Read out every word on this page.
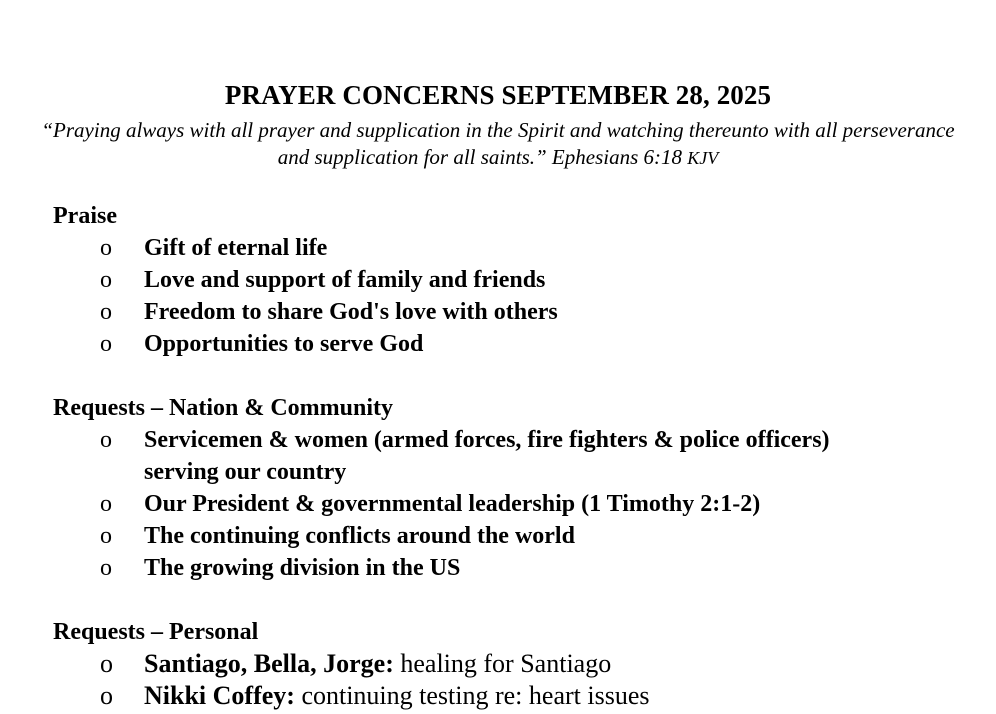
PRAYER CONCERNS SEPTEMBER 28, 2025
“Praying always with all prayer and supplication in the Spirit and watching thereunto with all perseverance and supplication for all saints.” Ephesians 6:18 KJV
Praise
o Gift of eternal life
o Love and support of family and friends
o Freedom to share God's love with others
o Opportunities to serve God
Requests – Nation & Community
o Servicemen & women (armed forces, fire fighters & police officers) serving our country
o Our President & governmental leadership (1 Timothy 2:1-2)
o The continuing conflicts around the world
o The growing division in the US
Requests – Personal
o Santiago, Bella, Jorge: healing for Santiago
o Nikki Coffey: continuing testing re: heart issues
